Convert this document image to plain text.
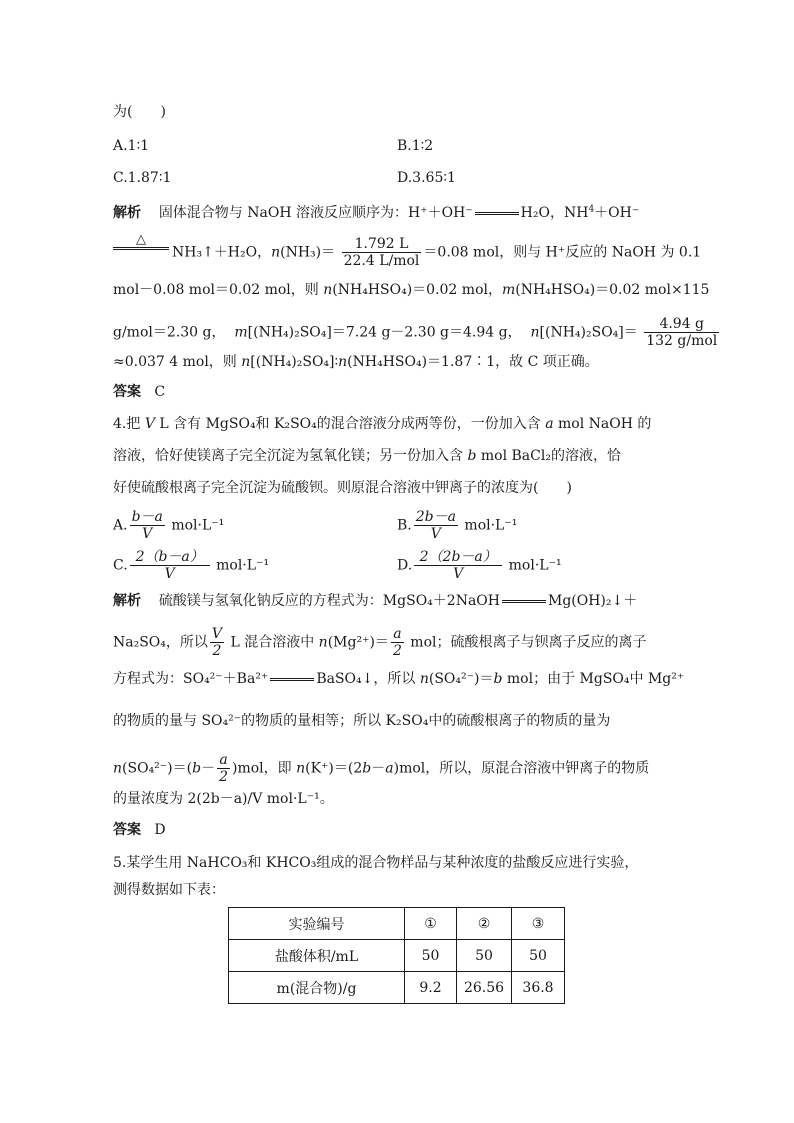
为(　　)
A.1∶1	B.1∶2
C.1.87∶1	D.3.65∶1
解析 固体混合物与 NaOH 溶液反应顺序为：H⁺＋OH⁻	H₂O，$NH^4+OH^-$
△
NH₃↑＋H₂O，$n(NH_3)= \frac{1.792 L}{\text{22.4 L/mol}} =0.08$ mol，则与 H⁺反应的 NaOH 为 0.1
mol－0.08 mol＝0.02 mol，则 n(NH₄HSO₄)＝0.02 mol，m(NH₄HSO₄)＝0.02 mol×115
g/mol＝2.30 g， m[(NH₄)₂SO₄]＝7.24 g－2.30 g＝4.94 g， $n[(NH_4)_2SO_4]= \frac{4.94 g}{\text{132 g/mol}}$
≈0.037 4 mol，则 n[(NH₄)₂SO₄]∶n(NH₄HSO₄)＝1.87∶1，故 C 项正确。
答案 C
4.把 V L 含有 MgSO₄和 K₂SO₄的混合溶液分成两等份，一份加入含 a mol NaOH 的
溶液，恰好使镁离子完全沉淀为氢氧化镁；另一份加入含 b mol BaCl₂的溶液，恰
好使硫酸根离子完全沉淀为硫酸钡。则原混合溶液中钾离子的浓度为(　　)
A. $\frac{b-a}{V} mol\cdot L^{-1}$	B. $\frac{2b-a}{V} mol\cdot L^{-1}$
C. $\frac{2(b-a)}{V} mol\cdot L^{-1}$	D. $\frac{2(2b-a)}{V} mol\cdot L^{-1}$
解析 硫酸镁与氢氧化钠反应的方程式为：MgSO₄＋2NaOH	Mg(OH)₂↓＋
Na₂SO₄，所以 $\frac{V}{2}$ L 混合溶液中 $n(Mg^{2+})= \frac{a}{2}$ mol；硫酸根离子与钡离子反应的离子
方程式为：SO₄²⁻＋Ba²⁺	BaSO₄↓，所以 n(SO₄²⁻)＝b mol；由于 MgSO₄中 Mg²⁺
的物质的量与 SO₄²⁻的物质的量相等；所以 K₂SO₄中的硫酸根离子的物质的量为
$n(SO_4^{2-})=(b- \frac{a}{2} )mol$，即 n(K⁺)＝(2b－a)mol，所以，原混合溶液中钾离子的物质
的量浓度为 2(2b－a)/V mol·L⁻¹。
答案 D
5.某学生用 NaHCO₃和 KHCO₃组成的混合物样品与某种浓度的盐酸反应进行实验，
测得数据如下表：
实验编号	①	②	③
盐酸体积/mL	50	50	50
m(混合物)/g	9.2	26.56	36.8
